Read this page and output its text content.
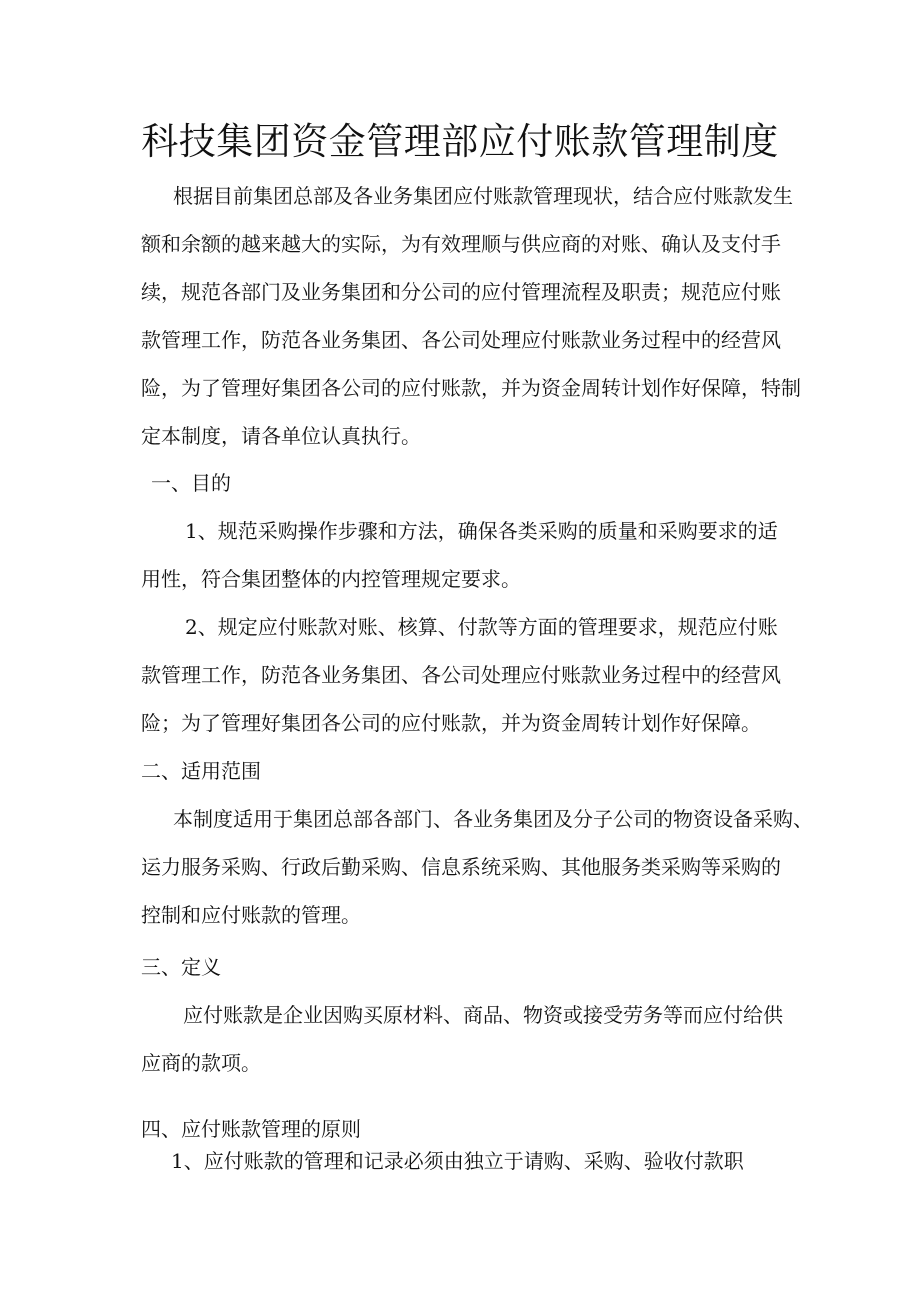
科技集团资金管理部应付账款管理制度
根据目前集团总部及各业务集团应付账款管理现状，结合应付账款发生
额和余额的越来越大的实际，为有效理顺与供应商的对账、确认及支付手
续，规范各部门及业务集团和分公司的应付管理流程及职责；规范应付账
款管理工作，防范各业务集团、各公司处理应付账款业务过程中的经营风
险，为了管理好集团各公司的应付账款，并为资金周转计划作好保障，特制
定本制度，请各单位认真执行。
一、目的
1、规范采购操作步骤和方法，确保各类采购的质量和采购要求的适
用性，符合集团整体的内控管理规定要求。
2、规定应付账款对账、核算、付款等方面的管理要求，规范应付账
款管理工作，防范各业务集团、各公司处理应付账款业务过程中的经营风
险；为了管理好集团各公司的应付账款，并为资金周转计划作好保障。
二、适用范围
本制度适用于集团总部各部门、各业务集团及分子公司的物资设备采购、
运力服务采购、行政后勤采购、信息系统采购、其他服务类采购等采购的
控制和应付账款的管理。
三、定义
应付账款是企业因购买原材料、商品、物资或接受劳务等而应付给供
应商的款项。
四、应付账款管理的原则
1、应付账款的管理和记录必须由独立于请购、采购、验收付款职
